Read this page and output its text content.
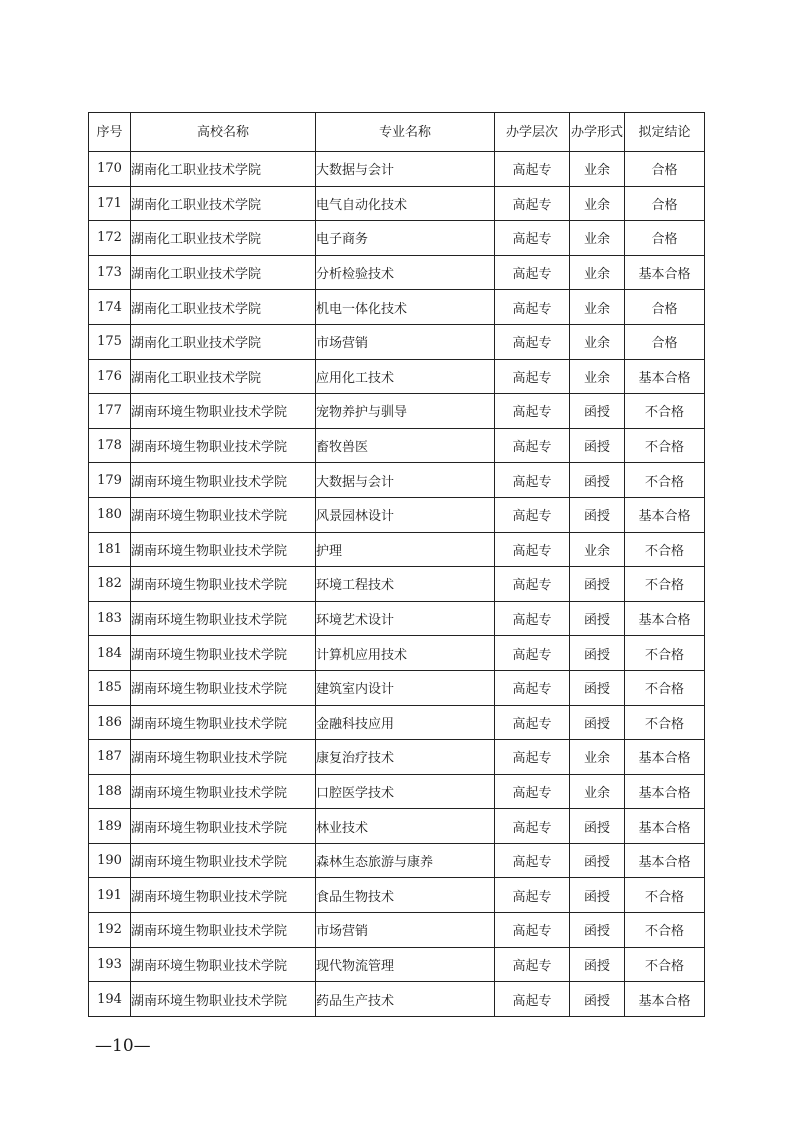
序号	高校名称	专业名称	办学层次	办学形式	拟定结论
170	湖南化工职业技术学院	大数据与会计	高起专	业余	合格
171	湖南化工职业技术学院	电气自动化技术	高起专	业余	合格
172	湖南化工职业技术学院	电子商务	高起专	业余	合格
173	湖南化工职业技术学院	分析检验技术	高起专	业余	基本合格
174	湖南化工职业技术学院	机电一体化技术	高起专	业余	合格
175	湖南化工职业技术学院	市场营销	高起专	业余	合格
176	湖南化工职业技术学院	应用化工技术	高起专	业余	基本合格
177	湖南环境生物职业技术学院	宠物养护与驯导	高起专	函授	不合格
178	湖南环境生物职业技术学院	畜牧兽医	高起专	函授	不合格
179	湖南环境生物职业技术学院	大数据与会计	高起专	函授	不合格
180	湖南环境生物职业技术学院	风景园林设计	高起专	函授	基本合格
181	湖南环境生物职业技术学院	护理	高起专	业余	不合格
182	湖南环境生物职业技术学院	环境工程技术	高起专	函授	不合格
183	湖南环境生物职业技术学院	环境艺术设计	高起专	函授	基本合格
184	湖南环境生物职业技术学院	计算机应用技术	高起专	函授	不合格
185	湖南环境生物职业技术学院	建筑室内设计	高起专	函授	不合格
186	湖南环境生物职业技术学院	金融科技应用	高起专	函授	不合格
187	湖南环境生物职业技术学院	康复治疗技术	高起专	业余	基本合格
188	湖南环境生物职业技术学院	口腔医学技术	高起专	业余	基本合格
189	湖南环境生物职业技术学院	林业技术	高起专	函授	基本合格
190	湖南环境生物职业技术学院	森林生态旅游与康养	高起专	函授	基本合格
191	湖南环境生物职业技术学院	食品生物技术	高起专	函授	不合格
192	湖南环境生物职业技术学院	市场营销	高起专	函授	不合格
193	湖南环境生物职业技术学院	现代物流管理	高起专	函授	不合格
194	湖南环境生物职业技术学院	药品生产技术	高起专	函授	基本合格
—10—
